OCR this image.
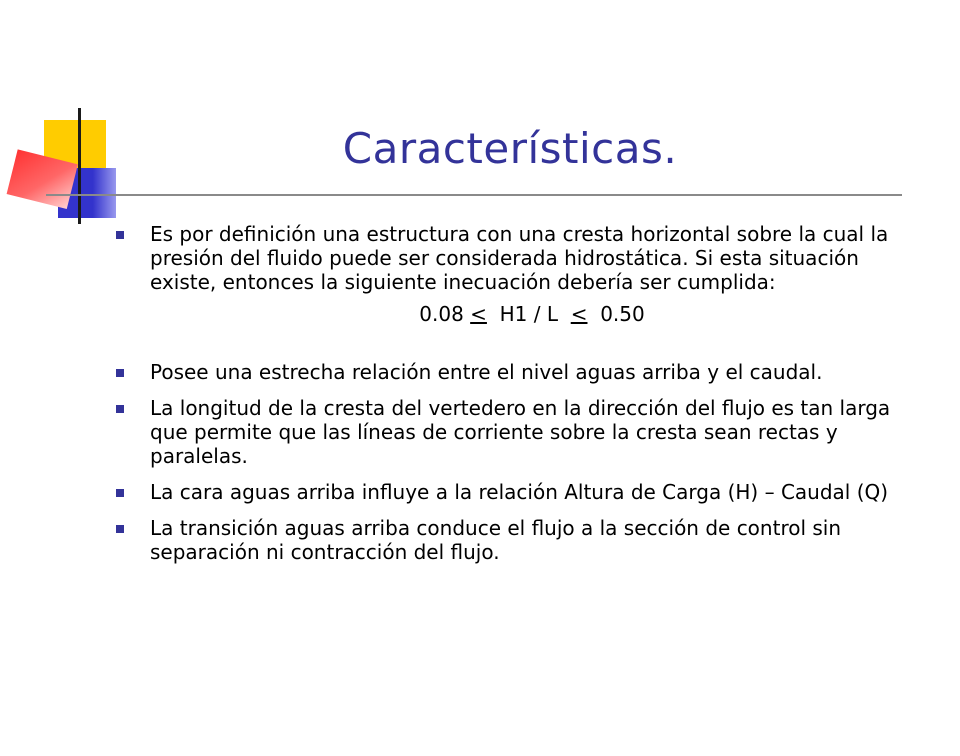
Características.
Es por definición una estructura con una cresta horizontal sobre la cual la presión del fluido puede ser considerada hidrostática. Si esta situación existe, entonces la siguiente inecuación debería ser cumplida:
0.08 < H1 / L < 0.50
Posee una estrecha relación entre el nivel aguas arriba y el caudal.
La longitud de la cresta del vertedero en la dirección del flujo es tan larga que permite que las líneas de corriente sobre la cresta sean rectas y paralelas.
La cara aguas arriba influye a la relación Altura de Carga (H) – Caudal (Q)
La transición aguas arriba conduce el flujo a la sección de control sin separación ni contracción del flujo.
